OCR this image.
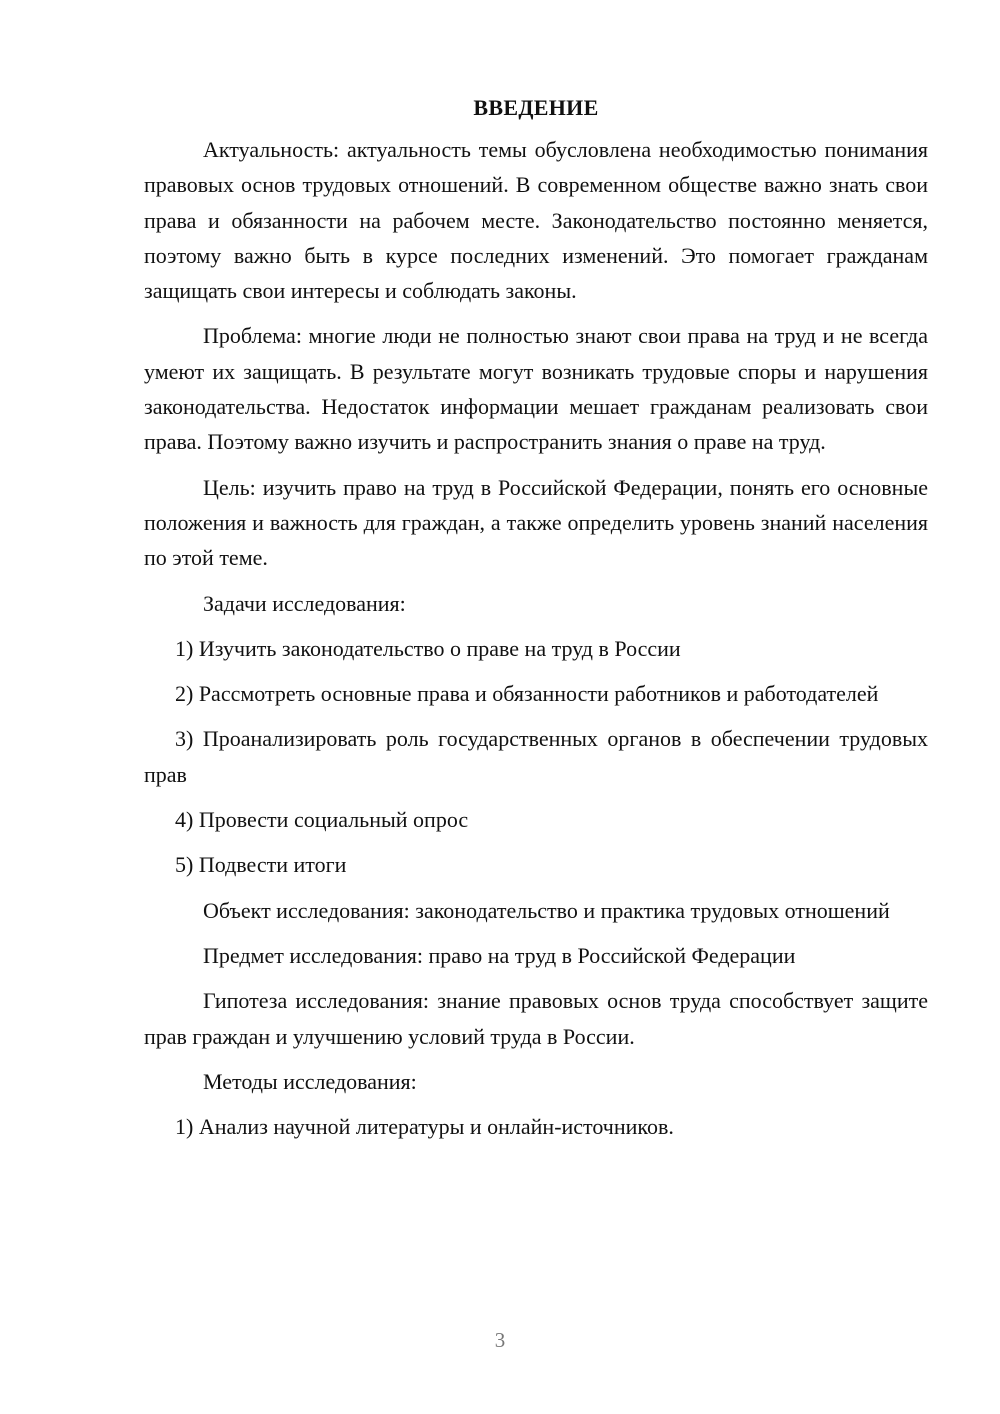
ВВЕДЕНИЕ

Актуальность: актуальность темы обусловлена необходимостью понимания правовых основ трудовых отношений. В современном обществе важно знать свои права и обязанности на рабочем месте. Законодательство постоянно меняется, поэтому важно быть в курсе последних изменений. Это помогает гражданам защищать свои интересы и соблюдать законы.

Проблема: многие люди не полностью знают свои права на труд и не всегда умеют их защищать. В результате могут возникать трудовые споры и нарушения законодательства. Недостаток информации мешает гражданам реализовать свои права. Поэтому важно изучить и распространить знания о праве на труд.

Цель: изучить право на труд в Российской Федерации, понять его основные положения и важность для граждан, а также определить уровень знаний населения по этой теме.

Задачи исследования:

1) Изучить законодательство о праве на труд в России

2) Рассмотреть основные права и обязанности работников и работодателей

3) Проанализировать роль государственных органов в обеспечении трудовых прав

4) Провести социальный опрос

5) Подвести итоги

Объект исследования: законодательство и практика трудовых отношений

Предмет исследования: право на труд в Российской Федерации

Гипотеза исследования: знание правовых основ труда способствует защите прав граждан и улучшению условий труда в России.

Методы исследования:

1) Анализ научной литературы и онлайн-источников.

3
